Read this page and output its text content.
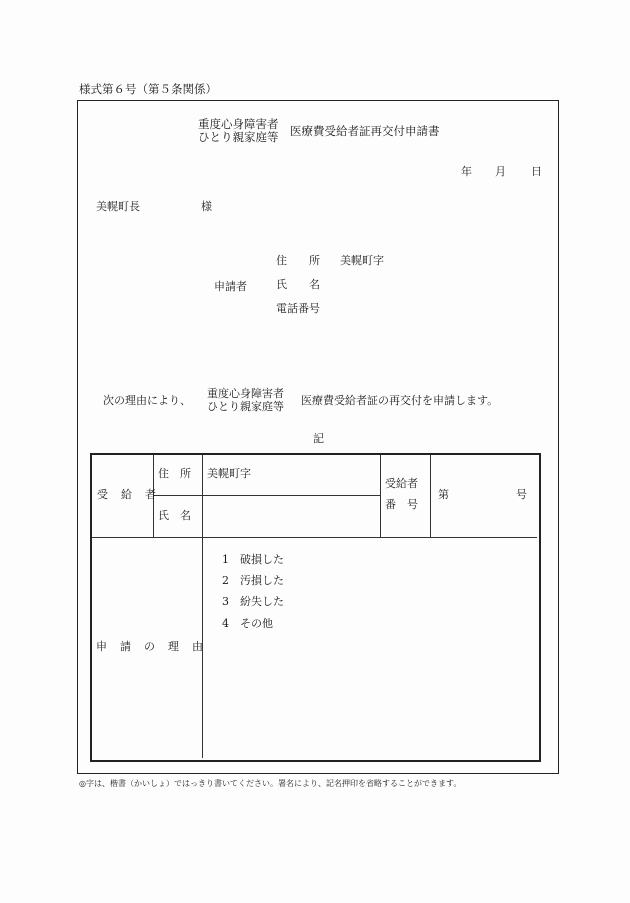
様式第６号（第５条関係）
重度心身障害者
ひとり親家庭等 医療費受給者証再交付申請書
年 月 日
美幌町長	様
申請者
住　　所 美幌町字
氏　　名
電話番号
次の理由により、
重度心身障害者
ひとり親家庭等 医療費受給者証の再交付を申請します。
記
受　給　者
住　所 美幌町字
氏　名
受給者
番　号
第	号
申　請　の　理　由
1　破損した
2　汚損した
3　紛失した
4　その他
◎字は、楷書（かいしょ）ではっきり書いてください。署名により、記名押印を省略することができます。
